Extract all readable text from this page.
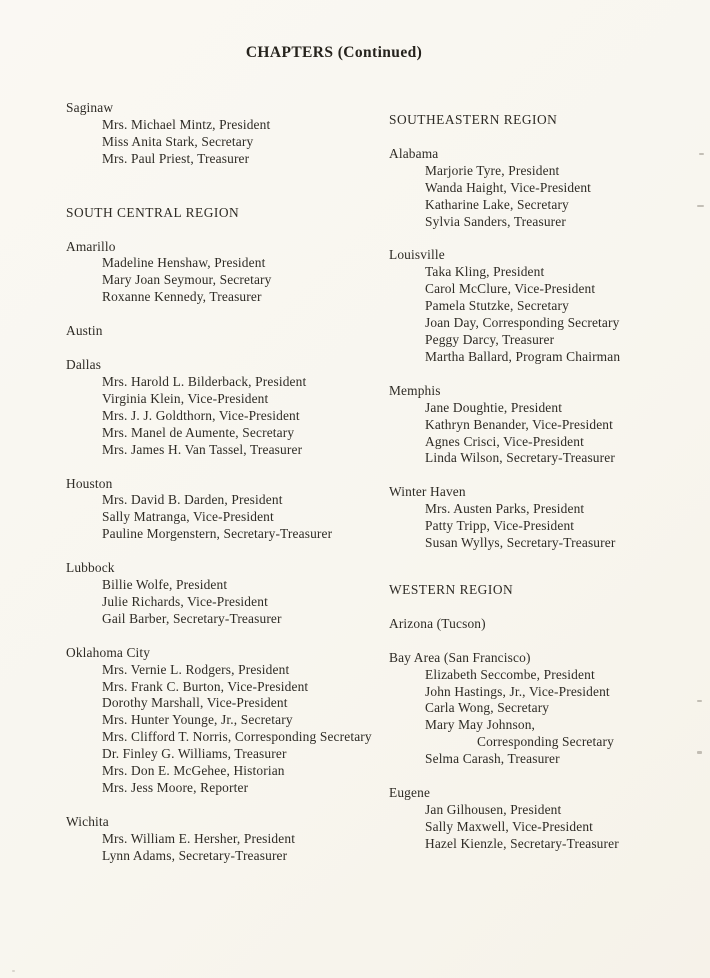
CHAPTERS (Continued)
Saginaw
Mrs. Michael Mintz, President
Miss Anita Stark, Secretary
Mrs. Paul Priest, Treasurer
SOUTH CENTRAL REGION
Amarillo
Madeline Henshaw, President
Mary Joan Seymour, Secretary
Roxanne Kennedy, Treasurer
Austin
Dallas
Mrs. Harold L. Bilderback, President
Virginia Klein, Vice-President
Mrs. J. J. Goldthorn, Vice-President
Mrs. Manel de Aumente, Secretary
Mrs. James H. Van Tassel, Treasurer
Houston
Mrs. David B. Darden, President
Sally Matranga, Vice-President
Pauline Morgenstern, Secretary-Treasurer
Lubbock
Billie Wolfe, President
Julie Richards, Vice-President
Gail Barber, Secretary-Treasurer
Oklahoma City
Mrs. Vernie L. Rodgers, President
Mrs. Frank C. Burton, Vice-President
Dorothy Marshall, Vice-President
Mrs. Hunter Younge, Jr., Secretary
Mrs. Clifford T. Norris, Corresponding Secretary
Dr. Finley G. Williams, Treasurer
Mrs. Don E. McGehee, Historian
Mrs. Jess Moore, Reporter
Wichita
Mrs. William E. Hersher, President
Lynn Adams, Secretary-Treasurer
SOUTHEASTERN REGION
Alabama
Marjorie Tyre, President
Wanda Haight, Vice-President
Katharine Lake, Secretary
Sylvia Sanders, Treasurer
Louisville
Taka Kling, President
Carol McClure, Vice-President
Pamela Stutzke, Secretary
Joan Day, Corresponding Secretary
Peggy Darcy, Treasurer
Martha Ballard, Program Chairman
Memphis
Jane Doughtie, President
Kathryn Benander, Vice-President
Agnes Crisci, Vice-President
Linda Wilson, Secretary-Treasurer
Winter Haven
Mrs. Austen Parks, President
Patty Tripp, Vice-President
Susan Wyllys, Secretary-Treasurer
WESTERN REGION
Arizona (Tucson)
Bay Area (San Francisco)
Elizabeth Seccombe, President
John Hastings, Jr., Vice-President
Carla Wong, Secretary
Mary May Johnson,
Corresponding Secretary
Selma Carash, Treasurer
Eugene
Jan Gilhousen, President
Sally Maxwell, Vice-President
Hazel Kienzle, Secretary-Treasurer
